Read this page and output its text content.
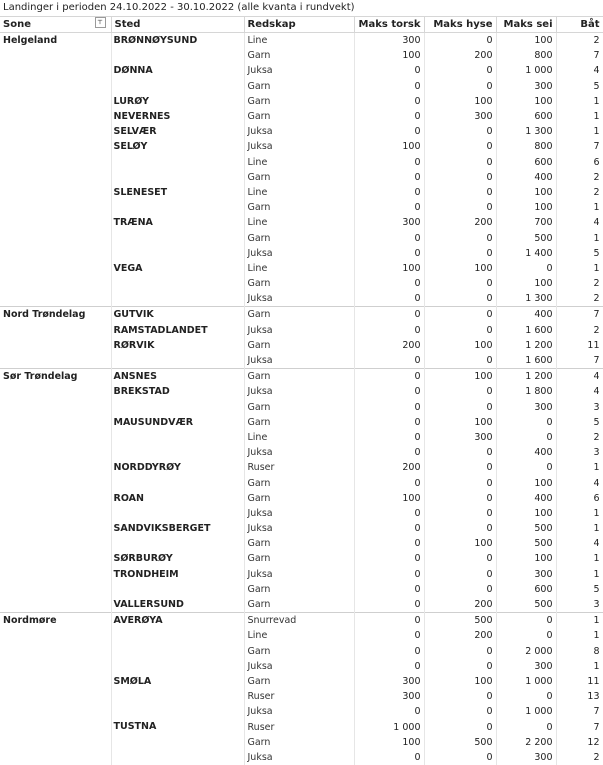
Landinger i perioden 24.10.2022 - 30.10.2022 (alle kvanta i rundvekt)
Sone ⊤	Sted	Redskap	Maks torsk	Maks hyse	Maks sei	Båt
Helgeland	BRØNNØYSUND	Line	300	0	100	2
		Garn	100	200	800	7
	DØNNA	Juksa	0	0	1 000	4
		Garn	0	0	300	5
	LURØY	Garn	0	100	100	1
	NEVERNES	Garn	0	300	600	1
	SELVÆR	Juksa	0	0	1 300	1
	SELØY	Juksa	100	0	800	7
		Line	0	0	600	6
		Garn	0	0	400	2
	SLENESET	Line	0	0	100	2
		Garn	0	0	100	1
	TRÆNA	Line	300	200	700	4
		Garn	0	0	500	1
		Juksa	0	0	1 400	5
	VEGA	Line	100	100	0	1
		Garn	0	0	100	2
		Juksa	0	0	1 300	2
Nord Trøndelag	GUTVIK	Garn	0	0	400	7
	RAMSTADLANDET	Juksa	0	0	1 600	2
	RØRVIK	Garn	200	100	1 200	11
		Juksa	0	0	1 600	7
Sør Trøndelag	ANSNES	Garn	0	100	1 200	4
	BREKSTAD	Juksa	0	0	1 800	4
		Garn	0	0	300	3
	MAUSUNDVÆR	Garn	0	100	0	5
		Line	0	300	0	2
		Juksa	0	0	400	3
	NORDDYRØY	Ruser	200	0	0	1
		Garn	0	0	100	4
	ROAN	Garn	100	0	400	6
		Juksa	0	0	100	1
	SANDVIKSBERGET	Juksa	0	0	500	1
		Garn	0	100	500	4
	SØRBURØY	Garn	0	0	100	1
	TRONDHEIM	Juksa	0	0	300	1
		Garn	0	0	600	5
	VALLERSUND	Garn	0	200	500	3
Nordmøre	AVERØYA	Snurrevad	0	500	0	1
		Line	0	200	0	1
		Garn	0	0	2 000	8
		Juksa	0	0	300	1
	SMØLA	Garn	300	100	1 000	11
		Ruser	300	0	0	13
		Juksa	0	0	1 000	7
	TUSTNA	Ruser	1 000	0	0	7
		Garn	100	500	2 200	12
		Juksa	0	0	300	2
